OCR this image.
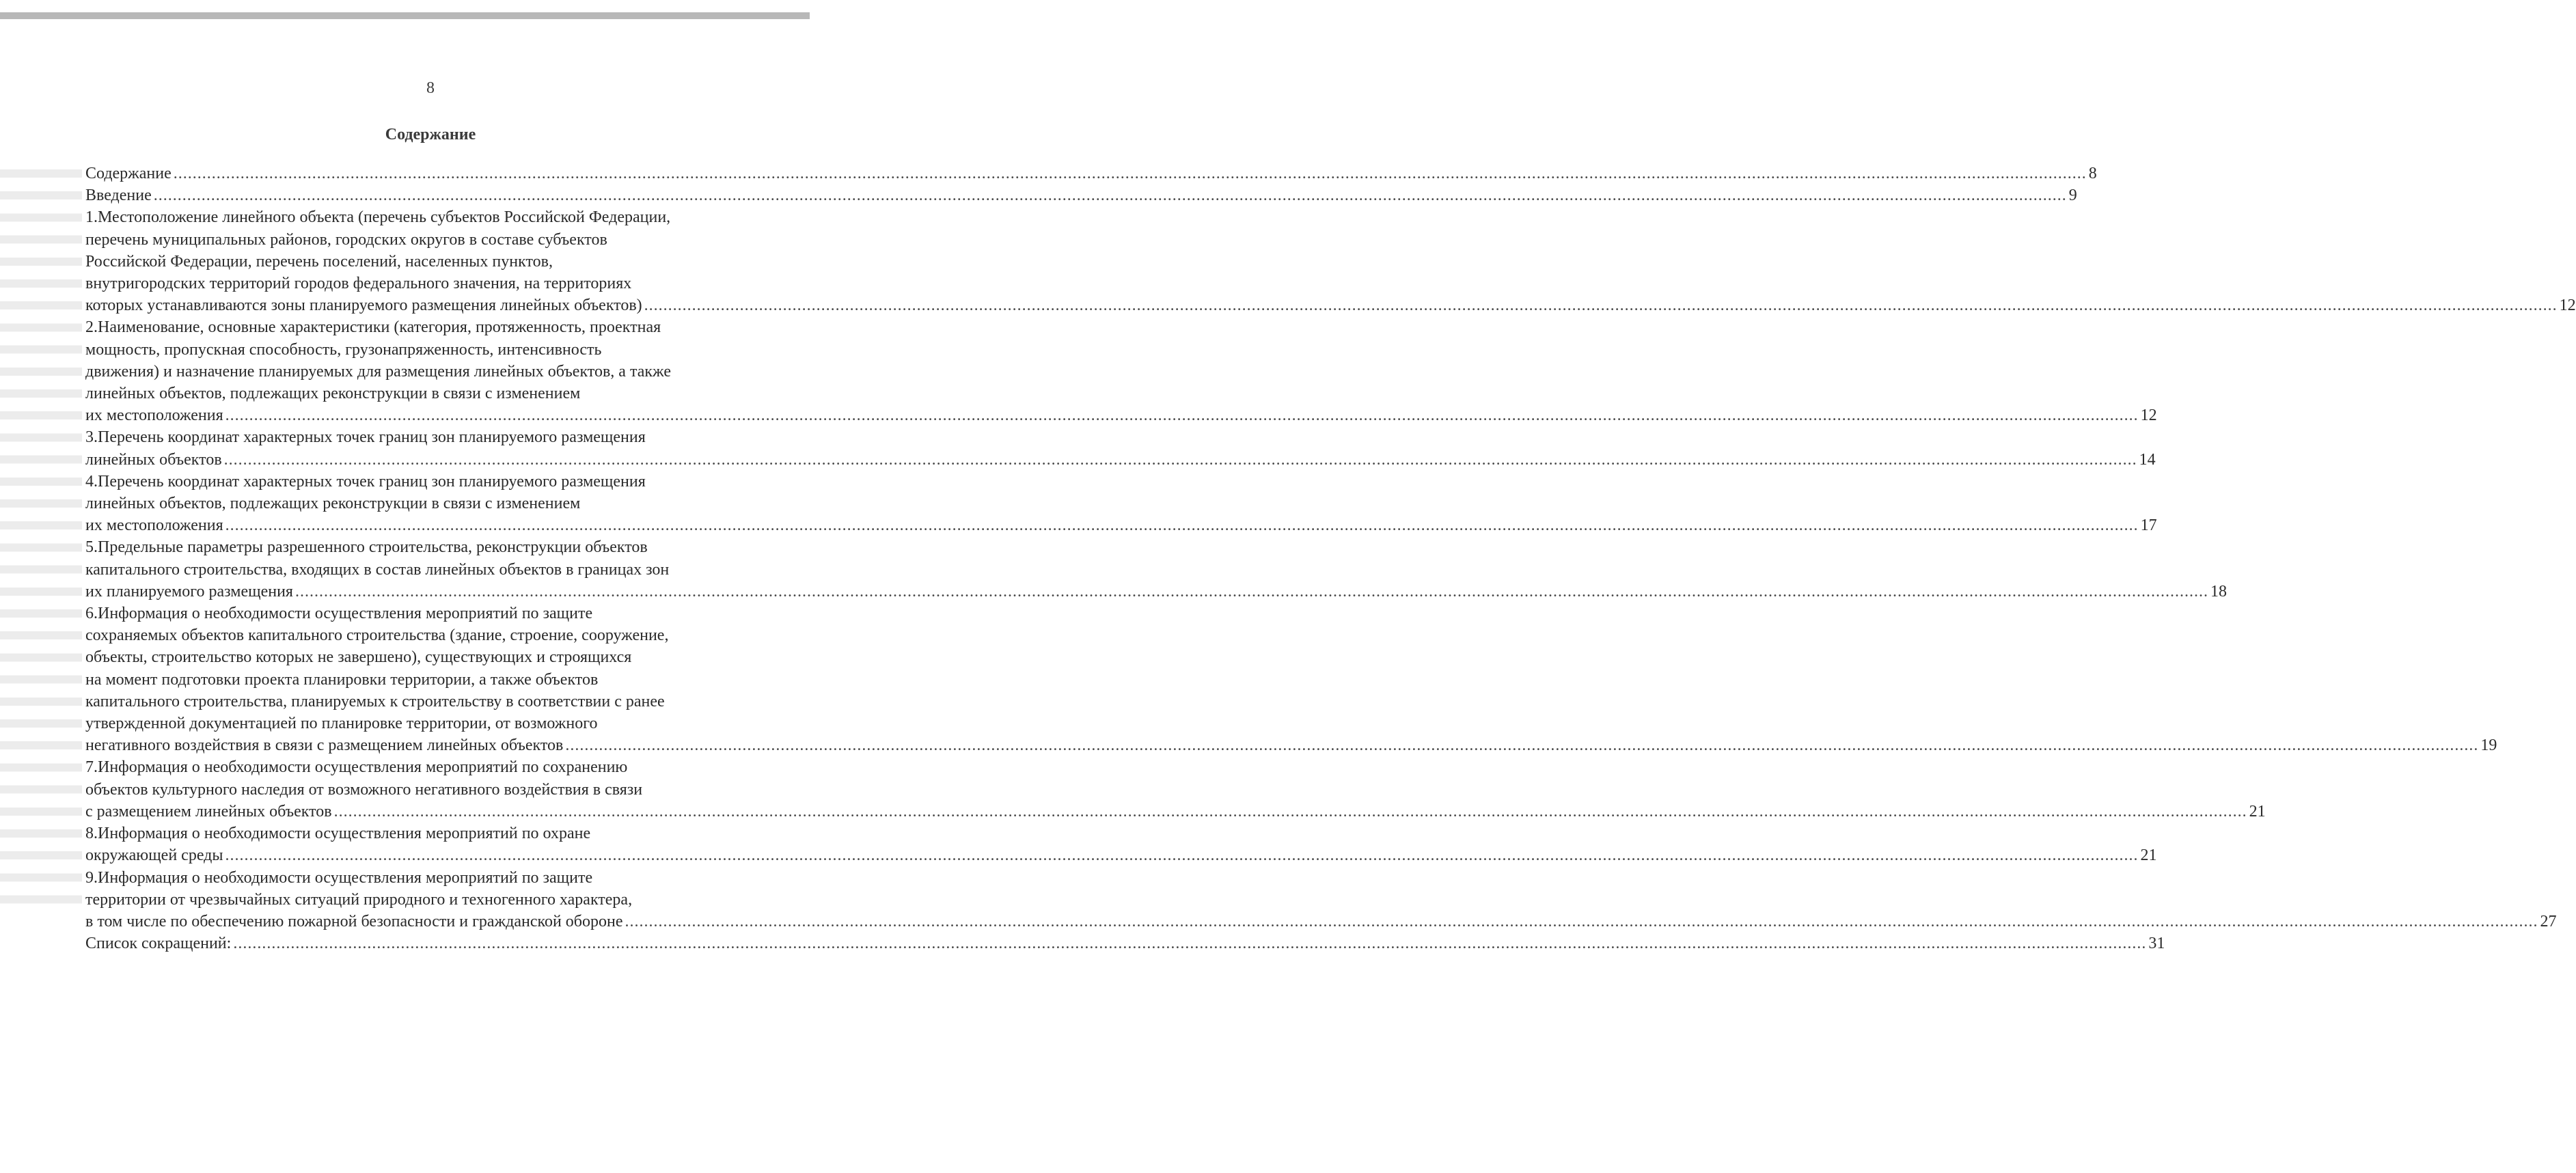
8
Содержание
Содержание ................................................................................................................................................................................................................................................................................................................................................................................................................ 8
Введение ................................................................................................................................................................................................................................................................................................................................................................................................................ 9
1.Местоположение линейного объекта (перечень субъектов Российской Федерации,
перечень муниципальных районов, городских округов в составе субъектов
Российской Федерации, перечень поселений, населенных пунктов,
внутригородских территорий городов федерального значения, на территориях
которых устанавливаются зоны планируемого размещения линейных объектов) ................................................................................................................................................................................................................................................................................................................................................................................................................ 12
2.Наименование, основные характеристики (категория, протяженность, проектная
мощность, пропускная способность, грузонапряженность, интенсивность
движения) и назначение планируемых для размещения линейных объектов, а также
линейных объектов, подлежащих реконструкции в связи с изменением
их местоположения ................................................................................................................................................................................................................................................................................................................................................................................................................ 12
3.Перечень координат характерных точек границ зон планируемого размещения
линейных объектов ................................................................................................................................................................................................................................................................................................................................................................................................................ 14
4.Перечень координат характерных точек границ зон планируемого размещения
линейных объектов, подлежащих реконструкции в связи с изменением
их местоположения ................................................................................................................................................................................................................................................................................................................................................................................................................ 17
5.Предельные параметры разрешенного строительства, реконструкции объектов
капитального строительства, входящих в состав линейных объектов в границах зон
их планируемого размещения ................................................................................................................................................................................................................................................................................................................................................................................................................ 18
6.Информация о необходимости осуществления мероприятий по защите
сохраняемых объектов капитального строительства (здание, строение, сооружение,
объекты, строительство которых не завершено), существующих и строящихся
на момент подготовки проекта планировки территории, а также объектов
капитального строительства, планируемых к строительству в соответствии с ранее
утвержденной документацией по планировке территории, от возможного
негативного воздействия в связи с размещением линейных объектов ................................................................................................................................................................................................................................................................................................................................................................................................................ 19
7.Информация о необходимости осуществления мероприятий по сохранению
объектов культурного наследия от возможного негативного воздействия в связи
с размещением линейных объектов ................................................................................................................................................................................................................................................................................................................................................................................................................ 21
8.Информация о необходимости осуществления мероприятий по охране
окружающей среды ................................................................................................................................................................................................................................................................................................................................................................................................................ 21
9.Информация о необходимости осуществления мероприятий по защите
территории от чрезвычайных ситуаций природного и техногенного характера,
в том числе по обеспечению пожарной безопасности и гражданской обороне ................................................................................................................................................................................................................................................................................................................................................................................................................ 27
Список сокращений: ................................................................................................................................................................................................................................................................................................................................................................................................................ 31
